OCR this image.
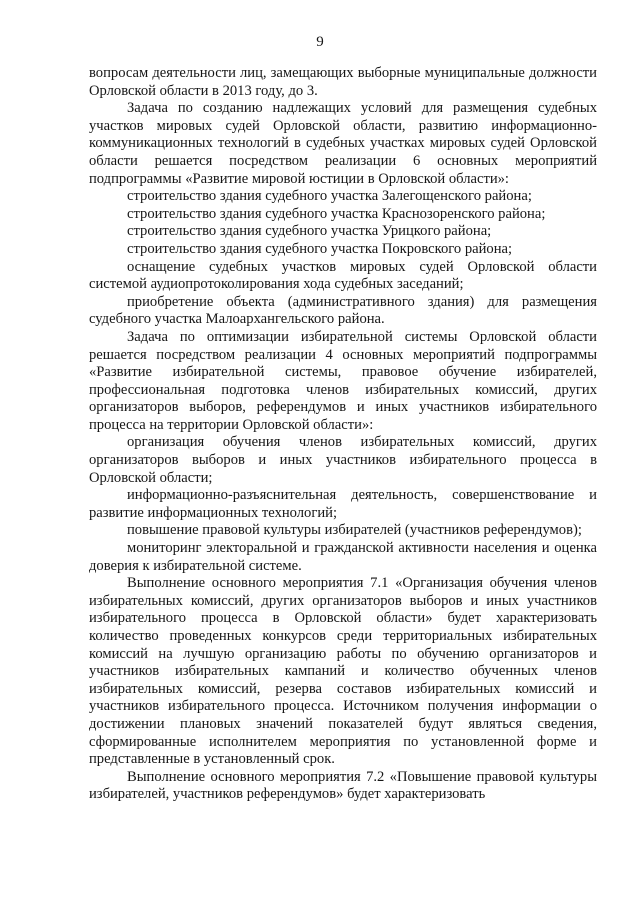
9

вопросам деятельности лиц, замещающих выборные муниципальные должности Орловской области в 2013 году, до 3.

Задача по созданию надлежащих условий для размещения судебных участков мировых судей Орловской области, развитию информационно-коммуникационных технологий в судебных участках мировых судей Орловской области решается посредством реализации 6 основных мероприятий подпрограммы «Развитие мировой юстиции в Орловской области»:

строительство здания судебного участка Залегощенского района;

строительство здания судебного участка Краснозоренского района;

строительство здания судебного участка Урицкого района;

строительство здания судебного участка Покровского района;

оснащение судебных участков мировых судей Орловской области системой аудиопротоколирования хода судебных заседаний;

приобретение объекта (административного здания) для размещения судебного участка Малоархангельского района.

Задача по оптимизации избирательной системы Орловской области решается посредством реализации 4 основных мероприятий подпрограммы «Развитие избирательной системы, правовое обучение избирателей, профессиональная подготовка членов избирательных комиссий, других организаторов выборов, референдумов и иных участников избирательного процесса на территории Орловской области»:

организация обучения членов избирательных комиссий, других организаторов выборов и иных участников избирательного процесса в Орловской области;

информационно-разъяснительная деятельность, совершенствование и развитие информационных технологий;

повышение правовой культуры избирателей (участников референдумов);

мониторинг электоральной и гражданской активности населения и оценка доверия к избирательной системе.

Выполнение основного мероприятия 7.1 «Организация обучения членов избирательных комиссий, других организаторов выборов и иных участников избирательного процесса в Орловской области» будет характеризовать количество проведенных конкурсов среди территориальных избирательных комиссий на лучшую организацию работы по обучению организаторов и участников избирательных кампаний и количество обученных членов избирательных комиссий, резерва составов избирательных комиссий и участников избирательного процесса. Источником получения информации о достижении плановых значений показателей будут являться сведения, сформированные исполнителем мероприятия по установленной форме и представленные в установленный срок.

Выполнение основного мероприятия 7.2 «Повышение правовой культуры избирателей, участников референдумов» будет характеризовать
